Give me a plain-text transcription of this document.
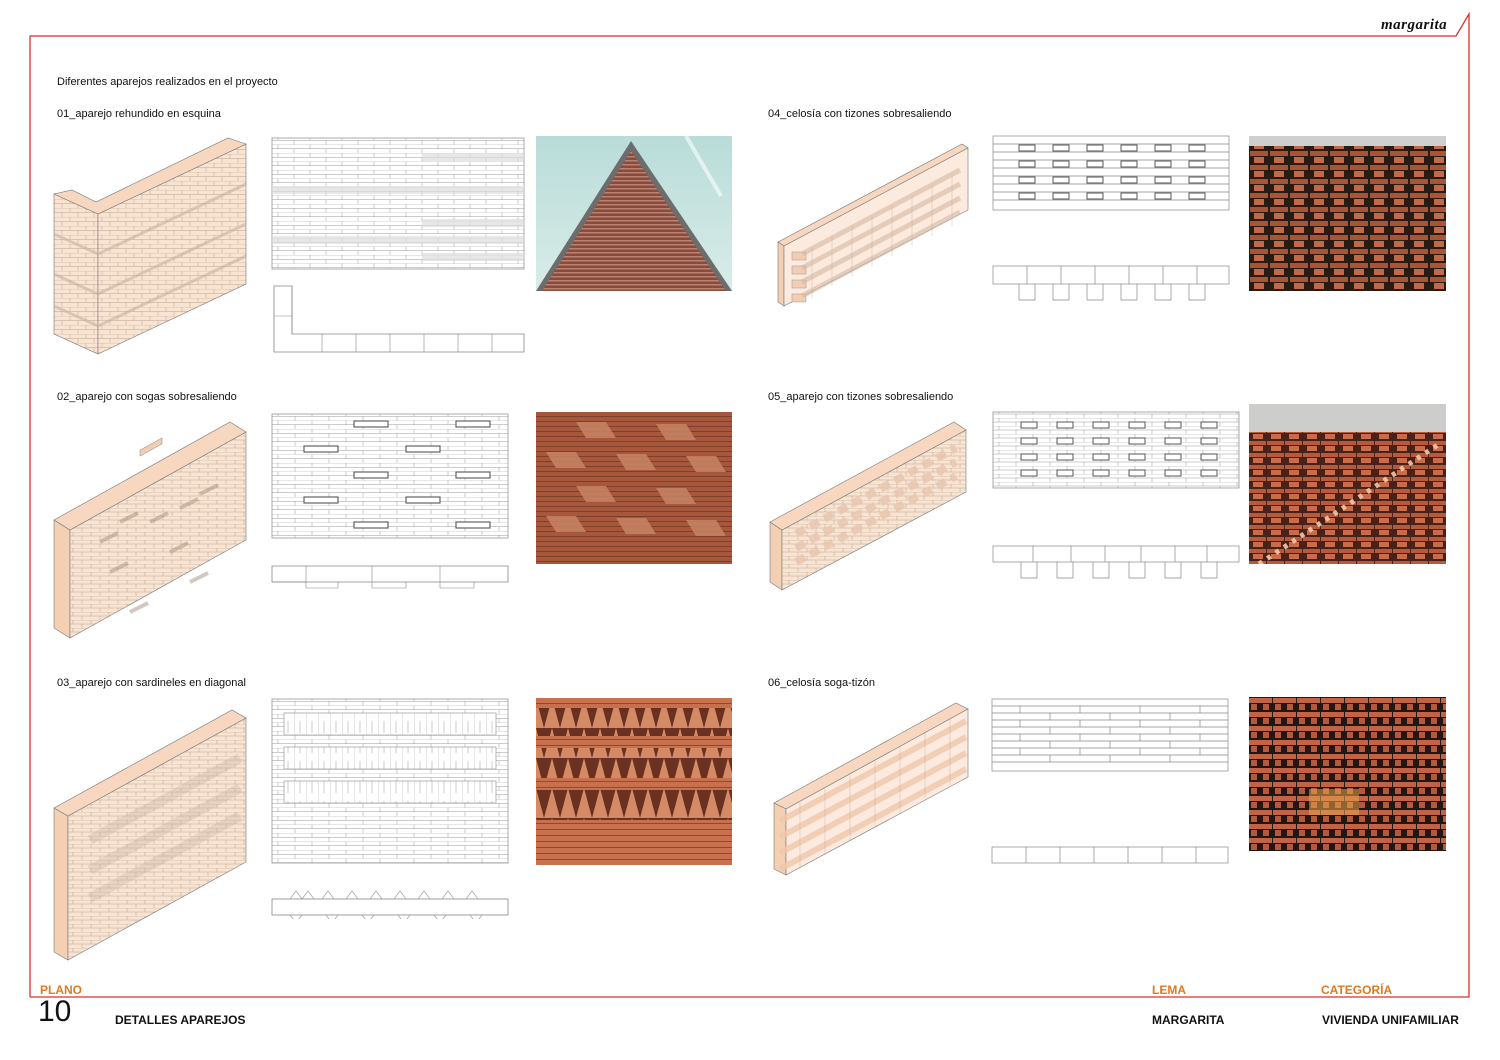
margarita
Diferentes aparejos realizados en el proyecto
01_aparejo rehundido en esquina
02_aparejo con sogas sobresaliendo
03_aparejo con sardineles en diagonal
04_celosía con tizones sobresaliendo
05_aparejo con tizones sobresaliendo
06_celosía soga-tizón
PLANO
10	DETALLES APAREJOS
LEMA
MARGARITA
CATEGORÍA
VIVIENDA UNIFAMILIAR
